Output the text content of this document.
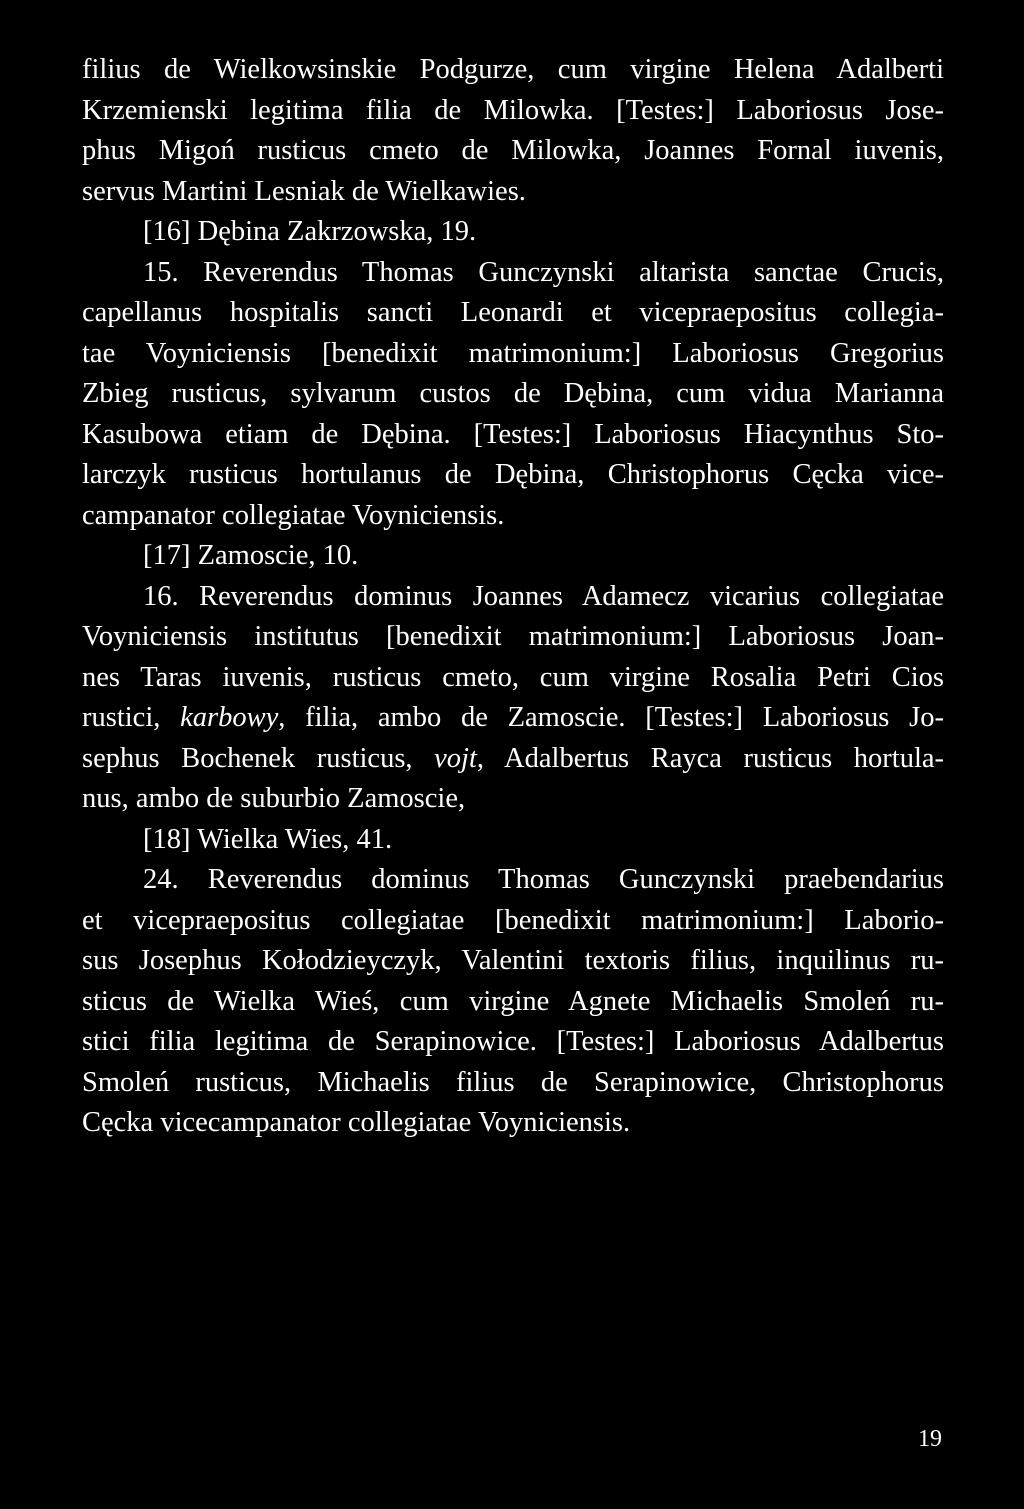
filius de Wielkowsinskie Podgurze, cum virgine Helena Adalberti
Krzemienski legitima filia de Milowka. [Testes:] Laboriosus Jose-
phus Migoń rusticus cmeto de Milowka, Joannes Fornal iuvenis,
servus Martini Lesniak de Wielkawies.
[16] Dębina Zakrzowska, 19.
15. Reverendus Thomas Gunczynski altarista sanctae Crucis,
capellanus hospitalis sancti Leonardi et vicepraepositus collegia-
tae Voyniciensis [benedixit matrimonium:] Laboriosus Gregorius
Zbieg rusticus, sylvarum custos de Dębina, cum vidua Marianna
Kasubowa etiam de Dębina. [Testes:] Laboriosus Hiacynthus Sto-
larczyk rusticus hortulanus de Dębina, Christophorus Cęcka vice-
campanator collegiatae Voyniciensis.
[17] Zamoscie, 10.
16. Reverendus dominus Joannes Adamecz vicarius collegiatae
Voyniciensis institutus [benedixit matrimonium:] Laboriosus Joan-
nes Taras iuvenis, rusticus cmeto, cum virgine Rosalia Petri Cios
rustici, karbowy, filia, ambo de Zamoscie. [Testes:] Laboriosus Jo-
sephus Bochenek rusticus, vojt, Adalbertus Rayca rusticus hortula-
nus, ambo de suburbio Zamoscie,
[18] Wielka Wies, 41.
24. Reverendus dominus Thomas Gunczynski praebendarius
et vicepraepositus collegiatae [benedixit matrimonium:] Laborio-
sus Josephus Kołodzieyczyk, Valentini textoris filius, inquilinus ru-
sticus de Wielka Wieś, cum virgine Agnete Michaelis Smoleń ru-
stici filia legitima de Serapinowice. [Testes:] Laboriosus Adalbertus
Smoleń rusticus, Michaelis filius de Serapinowice, Christophorus
Cęcka vicecampanator collegiatae Voyniciensis.
19
